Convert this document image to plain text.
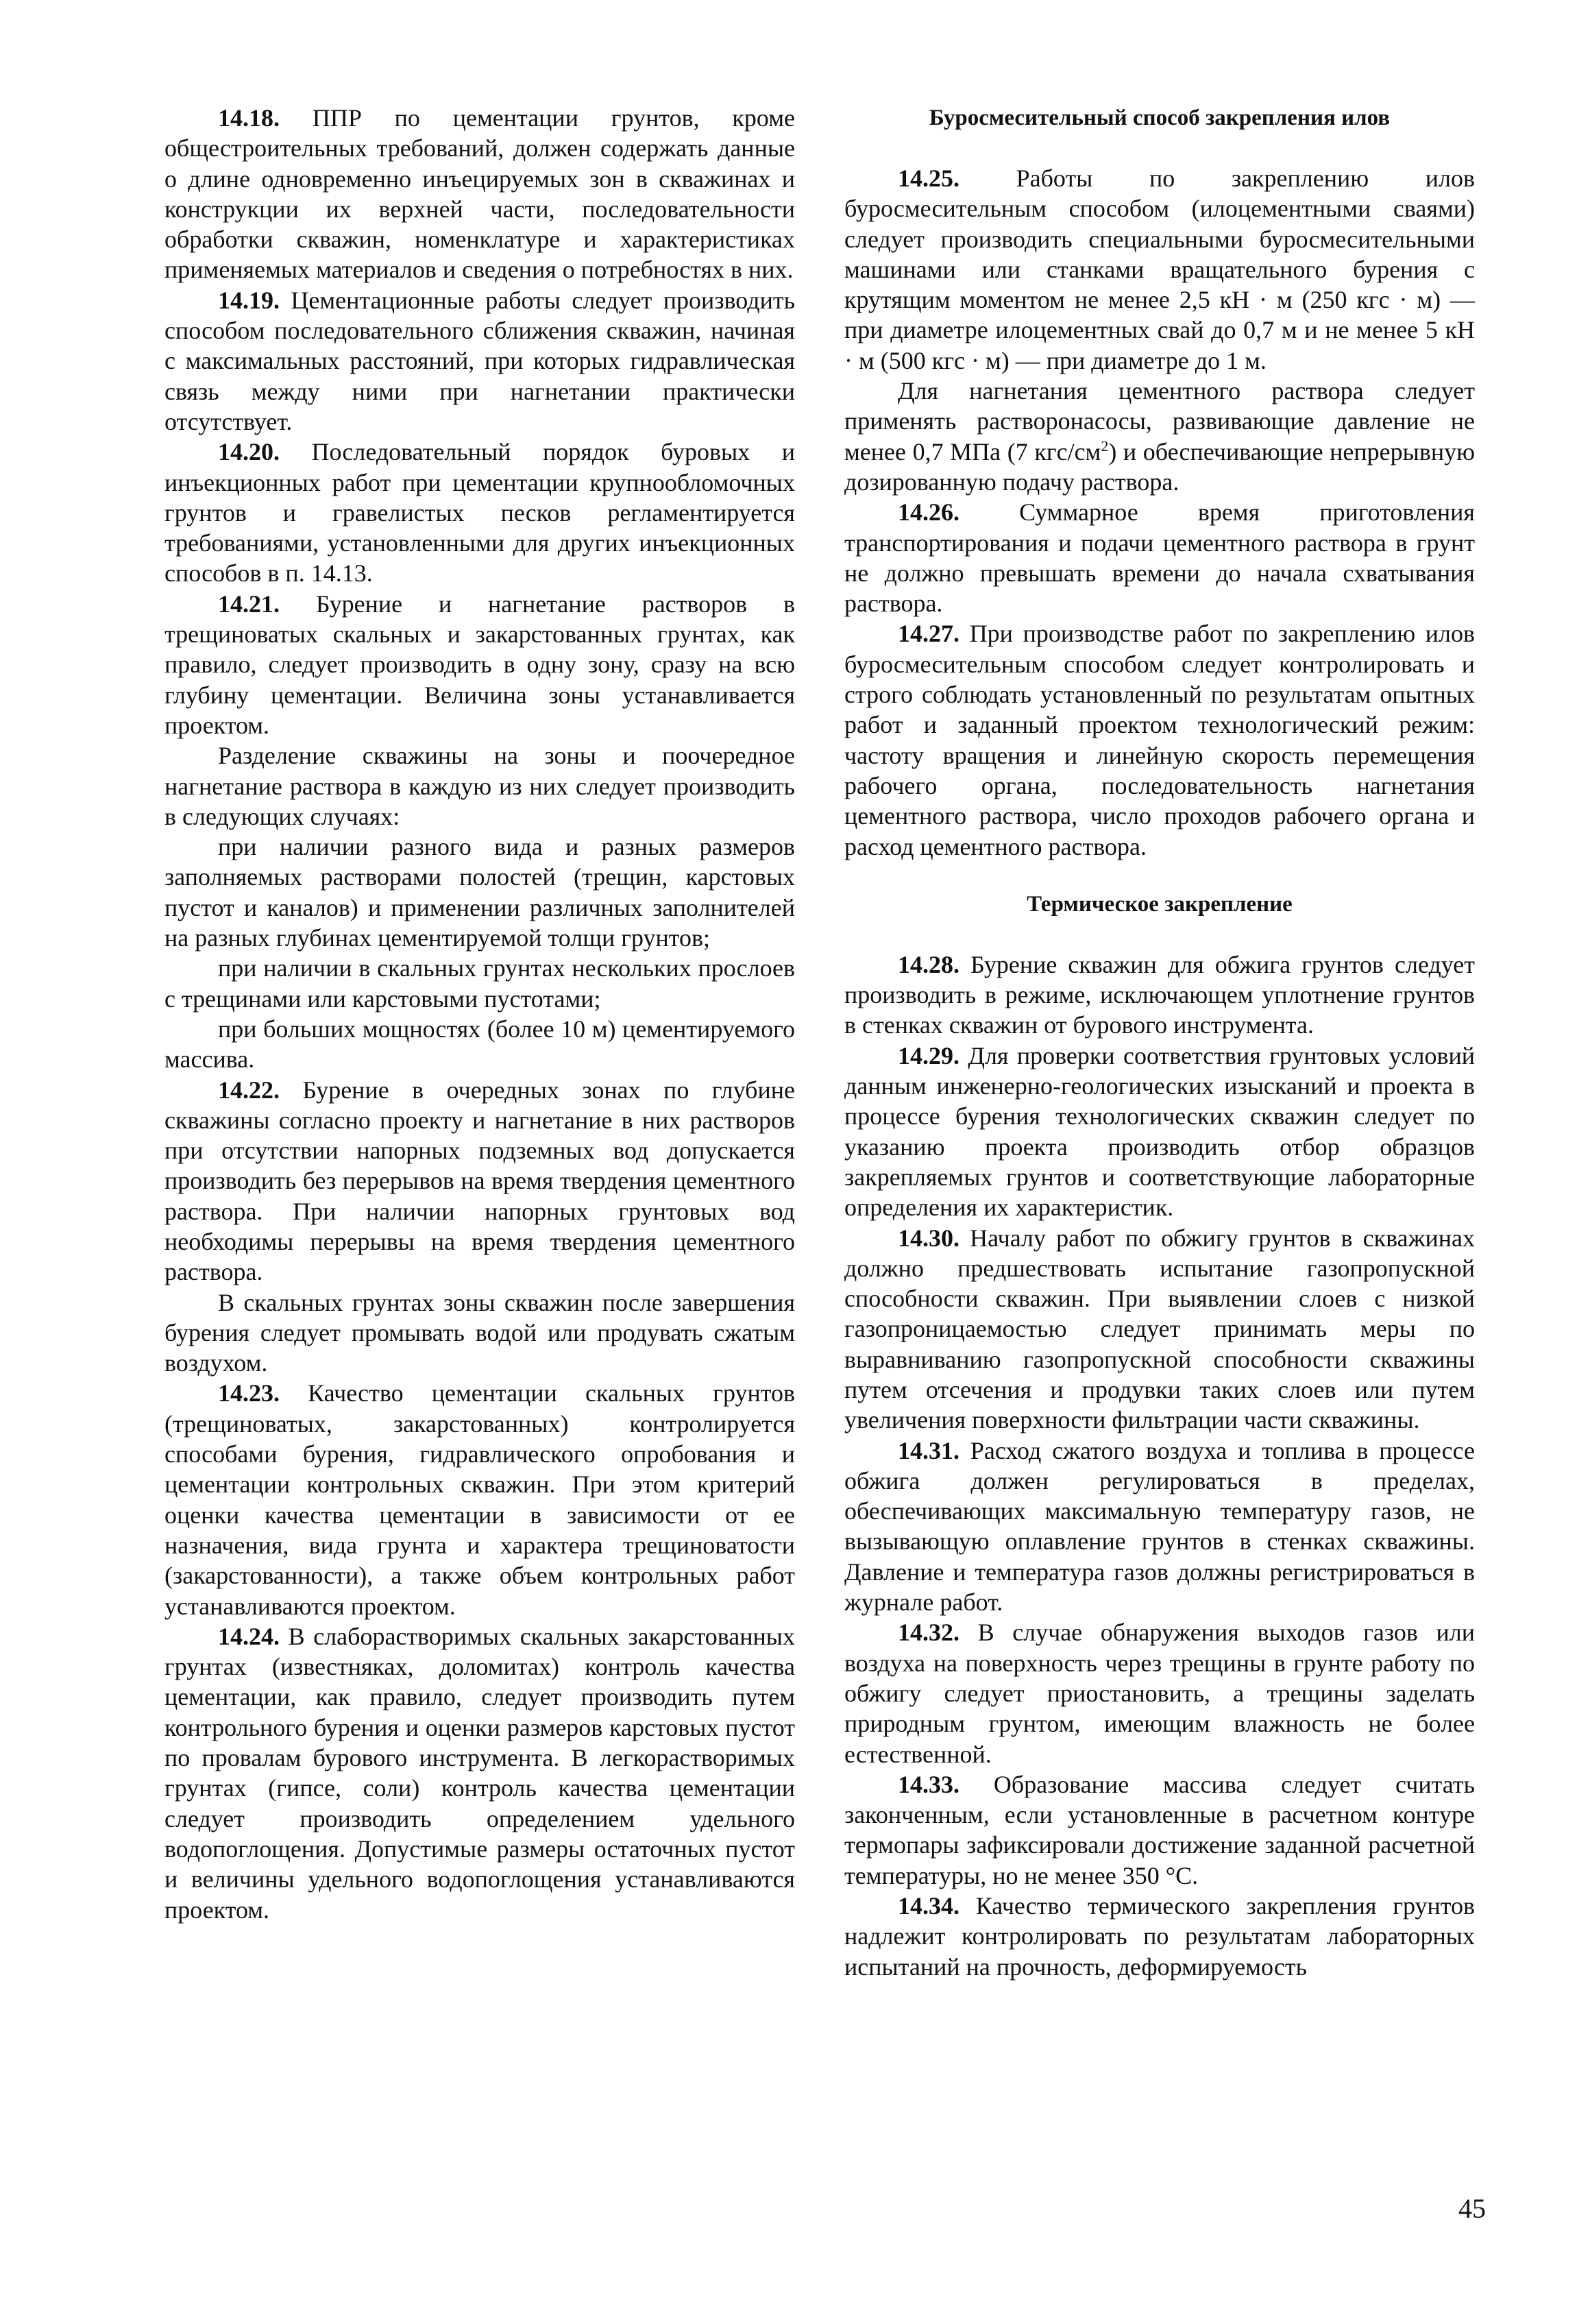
14.18. ППР по цементации грунтов, кроме общестроительных требований, должен содержать данные о длине одновременно инъецируемых зон в скважинах и конструкции их верхней части, последовательности обработки скважин, номенклатуре и характеристиках применяемых материалов и сведения о потребностях в них.

14.19. Цементационные работы следует производить способом последовательного сближения скважин, начиная с максимальных расстояний, при которых гидравлическая связь между ними при нагнетании практически отсутствует.

14.20. Последовательный порядок буровых и инъекционных работ при цементации крупнообломочных грунтов и гравелистых песков регламентируется требованиями, установленными для других инъекционных способов в п. 14.13.

14.21. Бурение и нагнетание растворов в трещиноватых скальных и закарстованных грунтах, как правило, следует производить в одну зону, сразу на всю глубину цементации. Величина зоны устанавливается проектом.

Разделение скважины на зоны и поочередное нагнетание раствора в каждую из них следует производить в следующих случаях:

при наличии разного вида и разных размеров заполняемых растворами полостей (трещин, карстовых пустот и каналов) и применении различных заполнителей на разных глубинах цементируемой толщи грунтов;

при наличии в скальных грунтах нескольких прослоев с трещинами или карстовыми пустотами;

при больших мощностях (более 10 м) цементируемого массива.

14.22. Бурение в очередных зонах по глубине скважины согласно проекту и нагнетание в них растворов при отсутствии напорных подземных вод допускается производить без перерывов на время твердения цементного раствора. При наличии напорных грунтовых вод необходимы перерывы на время твердения цементного раствора.

В скальных грунтах зоны скважин после завершения бурения следует промывать водой или продувать сжатым воздухом.

14.23. Качество цементации скальных грунтов (трещиноватых, закарстованных) контролируется способами бурения, гидравлического опробования и цементации контрольных скважин. При этом критерий оценки качества цементации в зависимости от ее назначения, вида грунта и характера трещиноватости (закарстованности), а также объем контрольных работ устанавливаются проектом.

14.24. В слаборастворимых скальных закарстованных грунтах (известняках, доломитах) контроль качества цементации, как правило, следует производить путем контрольного бурения и оценки размеров карстовых пустот по провалам бурового инструмента. В легкорастворимых грунтах (гипсе, соли) контроль качества цементации следует производить определением удельного водопоглощения. Допустимые размеры остаточных пустот и величины удельного водопоглощения устанавливаются проектом.

Буросмесительный способ закрепления илов

14.25. Работы по закреплению илов буросмесительным способом (илоцементными сваями) следует производить специальными буросмесительными машинами или станками вращательного бурения с крутящим моментом не менее 2,5 кН · м (250 кгс · м) — при диаметре илоцементных свай до 0,7 м и не менее 5 кН · м (500 кгс · м) — при диаметре до 1 м.

Для нагнетания цементного раствора следует применять растворонасосы, развивающие давление не менее 0,7 МПа (7 кгс/$см^2$) и обеспечивающие непрерывную дозированную подачу раствора.

14.26. Суммарное время приготовления транспортирования и подачи цементного раствора в грунт не должно превышать времени до начала схватывания раствора.

14.27. При производстве работ по закреплению илов буросмесительным способом следует контролировать и строго соблюдать установленный по результатам опытных работ и заданный проектом технологический режим: частоту вращения и линейную скорость перемещения рабочего органа, последовательность нагнетания цементного раствора, число проходов рабочего органа и расход цементного раствора.

Термическое закрепление

14.28. Бурение скважин для обжига грунтов следует производить в режиме, исключающем уплотнение грунтов в стенках скважин от бурового инструмента.

14.29. Для проверки соответствия грунтовых условий данным инженерно-геологических изысканий и проекта в процессе бурения технологических скважин следует по указанию проекта производить отбор образцов закрепляемых грунтов и соответствующие лабораторные определения их характеристик.

14.30. Началу работ по обжигу грунтов в скважинах должно предшествовать испытание газопропускной способности скважин. При выявлении слоев с низкой газопроницаемостью следует принимать меры по выравниванию газопропускной способности скважины путем отсечения и продувки таких слоев или путем увеличения поверхности фильтрации части скважины.

14.31. Расход сжатого воздуха и топлива в процессе обжига должен регулироваться в пределах, обеспечивающих максимальную температуру газов, не вызывающую оплавление грунтов в стенках скважины. Давление и температура газов должны регистрироваться в журнале работ.

14.32. В случае обнаружения выходов газов или воздуха на поверхность через трещины в грунте работу по обжигу следует приостановить, а трещины заделать природным грунтом, имеющим влажность не более естественной.

14.33. Образование массива следует считать законченным, если установленные в расчетном контуре термопары зафиксировали достижение заданной расчетной температуры, но не менее 350 °C.

14.34. Качество термического закрепления грунтов надлежит контролировать по результатам лабораторных испытаний на прочность, деформируемость

45
